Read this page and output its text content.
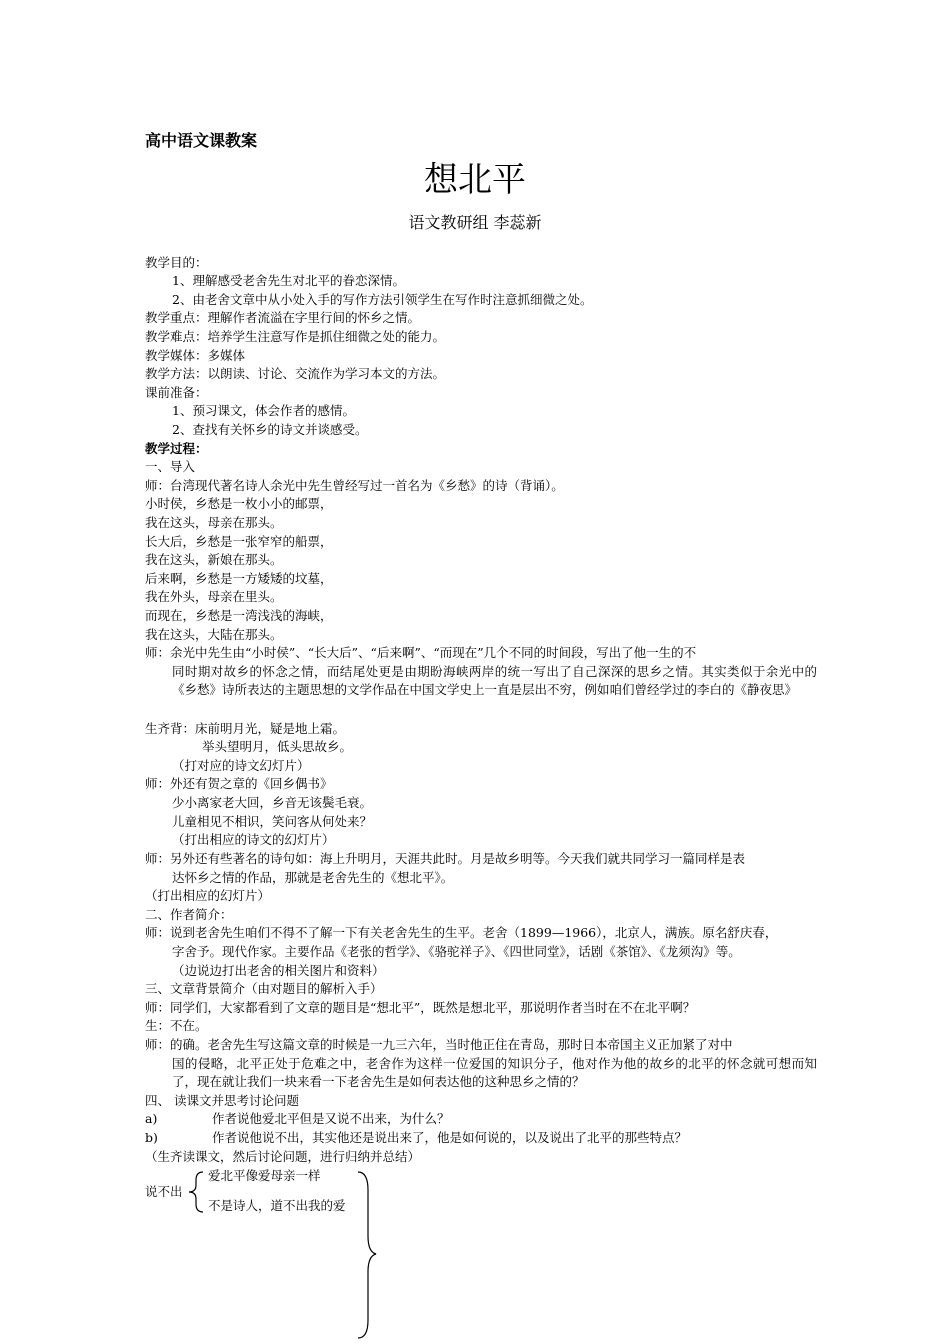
高中语文课教案
想北平
语文教研组 李蕊新
教学目的：
1、理解感受老舍先生对北平的眷恋深情。
2、由老舍文章中从小处入手的写作方法引领学生在写作时注意抓细微之处。
教学重点：理解作者流溢在字里行间的怀乡之情。
教学难点：培养学生注意写作是抓住细微之处的能力。
教学媒体：多媒体
教学方法：以朗读、讨论、交流作为学习本文的方法。
课前准备：
1、预习课文，体会作者的感情。
2、查找有关怀乡的诗文并谈感受。
教学过程：
一、导入
师：台湾现代著名诗人余光中先生曾经写过一首名为《乡愁》的诗（背诵）。
小时侯，乡愁是一枚小小的邮票，
我在这头，母亲在那头。
长大后，乡愁是一张窄窄的船票，
我在这头，新娘在那头。
后来啊，乡愁是一方矮矮的坟墓，
我在外头，母亲在里头。
而现在，乡愁是一湾浅浅的海峡，
我在这头，大陆在那头。
师：余光中先生由“小时侯”、“长大后”、“后来啊”、“而现在”几个不同的时间段，写出了他一生的不
同时期对故乡的怀念之情，而结尾处更是由期盼海峡两岸的统一写出了自己深深的思乡之情。其实类似于余光中的《乡愁》诗所表达的主题思想的文学作品在中国文学史上一直是层出不穷，例如咱们曾经学过的李白的《静夜思》
生齐背：床前明月光，疑是地上霜。
举头望明月，低头思故乡。
（打对应的诗文幻灯片）
师：外还有贺之章的《回乡偶书》
少小离家老大回，乡音无该鬓毛衰。
儿童相见不相识，笑问客从何处来？
（打出相应的诗文的幻灯片）
师：另外还有些著名的诗句如：海上升明月，天涯共此时。月是故乡明等。今天我们就共同学习一篇同样是表
达怀乡之情的作品，那就是老舍先生的《想北平》。
（打出相应的幻灯片）
二、作者简介：
师：说到老舍先生咱们不得不了解一下有关老舍先生的生平。老舍（1899—1966），北京人，满族。原名舒庆春，
字舍予。现代作家。主要作品《老张的哲学》、《骆驼祥子》、《四世同堂》，话剧《茶馆》、《龙须沟》等。
（边说边打出老舍的相关图片和资料）
三、文章背景简介（由对题目的解析入手）
师：同学们，大家都看到了文章的题目是“想北平”，既然是想北平，那说明作者当时在不在北平啊？
生：不在。
师：的确。老舍先生写这篇文章的时候是一九三六年，当时他正住在青岛，那时日本帝国主义正加紧了对中
国的侵略，北平正处于危难之中，老舍作为这样一位爱国的知识分子，他对作为他的故乡的北平的怀念就可想而知了，现在就让我们一块来看一下老舍先生是如何表达他的这种思乡之情的？
四、 读课文并思考讨论问题
a)	作者说他爱北平但是又说不出来，为什么？
b)	作者说他说不出，其实他还是说出来了，他是如何说的，以及说出了北平的那些特点？
（生齐读课文，然后讨论问题，进行归纳并总结）
说不出
爱北平像爱母亲一样
不是诗人，道不出我的爱
